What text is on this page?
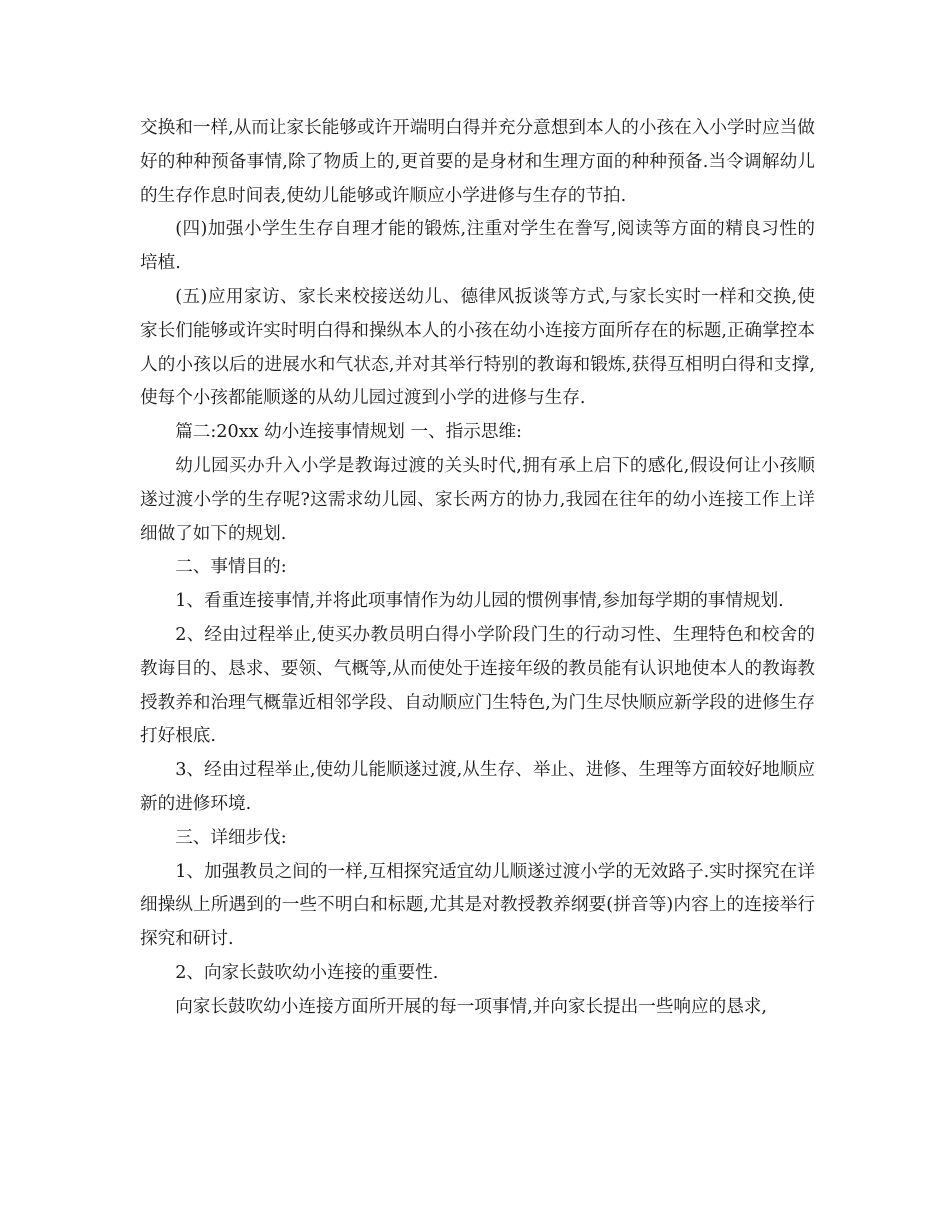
交换和一样,从而让家长能够或许开端明白得并充分意想到本人的小孩在入小学时应当做好的种种预备事情,除了物质上的,更首要的是身材和生理方面的种种预备.当令调解幼儿的生存作息时间表,使幼儿能够或许顺应小学进修与生存的节拍.

(四)加强小学生生存自理才能的锻炼,注重对学生在誊写,阅读等方面的精良习性的培植.

(五)应用家访、家长来校接送幼儿、德律风扳谈等方式,与家长实时一样和交换,使家长们能够或许实时明白得和操纵本人的小孩在幼小连接方面所存在的标题,正确掌控本人的小孩以后的进展水和气状态,并对其举行特别的教诲和锻炼,获得互相明白得和支撑,使每个小孩都能顺遂的从幼儿园过渡到小学的进修与生存.

篇二:20xx 幼小连接事情规划 一、指示思维:

幼儿园买办升入小学是教诲过渡的关头时代,拥有承上启下的感化,假设何让小孩顺遂过渡小学的生存呢?这需求幼儿园、家长两方的协力,我园在往年的幼小连接工作上详细做了如下的规划.

二、事情目的:

1、看重连接事情,并将此项事情作为幼儿园的惯例事情,参加每学期的事情规划.

2、经由过程举止,使买办教员明白得小学阶段门生的行动习性、生理特色和校舍的教诲目的、恳求、要领、气概等,从而使处于连接年级的教员能有认识地使本人的教诲教授教养和治理气概靠近相邻学段、自动顺应门生特色,为门生尽快顺应新学段的进修生存打好根底.

3、经由过程举止,使幼儿能顺遂过渡,从生存、举止、进修、生理等方面较好地顺应新的进修环境.

三、详细步伐:

1、加强教员之间的一样,互相探究适宜幼儿顺遂过渡小学的无效路子.实时探究在详细操纵上所遇到的一些不明白和标题,尤其是对教授教养纲要(拼音等)内容上的连接举行探究和研讨.

2、向家长鼓吹幼小连接的重要性.

向家长鼓吹幼小连接方面所开展的每一项事情,并向家长提出一些响应的恳求,
